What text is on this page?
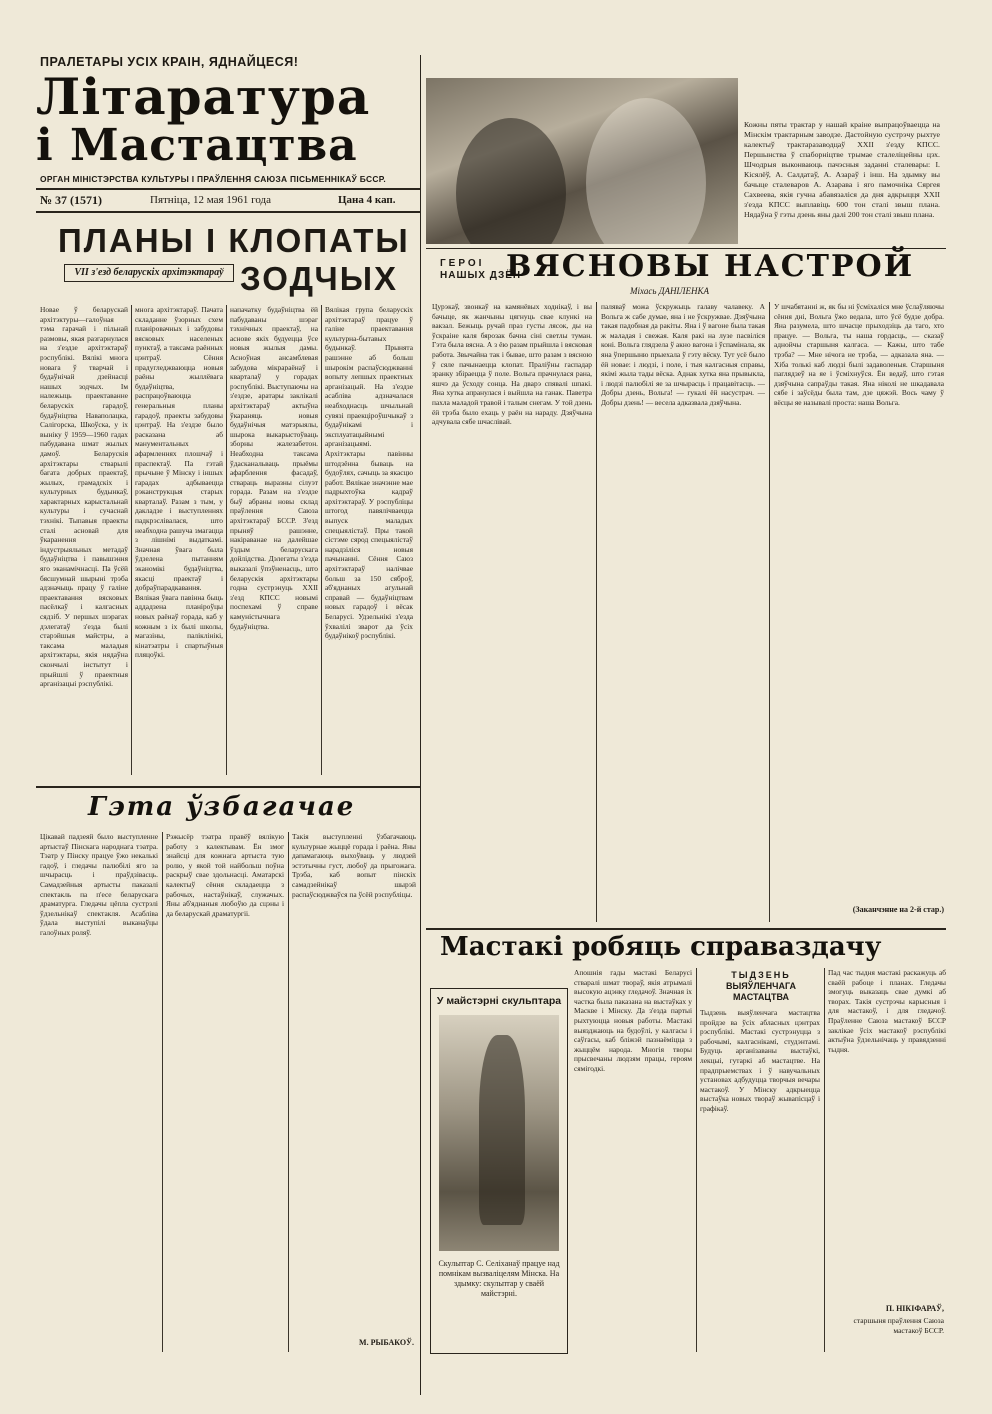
ПРАЛЕТАРЫ УСІХ КРАІН, ЯДНАЙЦЕСЯ!
Літаратура
і Мастацтва
ОРГАН МІНІСТЭРСТВА КУЛЬТУРЫ І ПРАЎЛЕННЯ САЮЗА ПІСЬМЕННІКАЎ БССР.
№ 37 (1571)	Пятніца, 12 мая 1961 года	Цана 4 кап.
ПЛАНЫ І КЛОПАТЫ
VII з'езд беларускіх архітэктараў ЗОДЧЫХ
Новае ў беларускай архітэктуры—галоўная тэма гарачай і пільнай размовы, якая разгарнулася на з'ездзе архітэктараў рэспублікі. Вялікі многа новага ў тварчай і будаўнічай дзейнасці нашых зодчых. Ім належыць праектаванне беларускіх гарадоў, будаўніцтва Наваполацка, Салігорска, Шкоўска, у іх выніку ў 1959—1960 гадах пабудавана шмат жылых дамоў. Беларускія архітэктары стварылі багата добрых праектаў, жылых, грамадскіх і культурных будынкаў, характарных карыстальнай культуры і сучаснай тэхнікі. Тыпавыя праекты сталі асновай для ўкаранення індустрыяльных метадаў будаўніцтва і павышэння яго эканамічнасці. Па ўсёй бясшумнай шырыні трэба адзначыць працу ў галіне праектавання вясковых пасёлкаў і калгасных сядзіб. У першых шэрагах дэлегатаў з'езда былі старэйшыя майстры, а таксама маладыя архітэктары, якія нядаўна скончылі інстытут і прыйшлі ў праектныя арганізацыі рэспублікі.
многа архітэктараў. Пачата складанне ўзорных схем планіровачных і забудовы вясковых населеных пунктаў, а таксама раённых цэнтраў. Сёння прадугледжваюцца новыя раёны жыллёвага будаўніцтва, распрацоўваюцца генеральныя планы гарадоў, праекты забудовы цэнтраў. На з'ездзе было расказана аб манументальных афармленнях плошчаў і праспектаў. Па гэтай прычыне ў Мінску і іншых гарадах адбываецца рэканструкцыя старых кварталаў. Разам з тым, у дакладзе і выступленнях падкрэслівалася, што неабходна рашуча змагацца з лішнімі выдаткамі. Значная ўвага была ўдзелена пытанням эканомікі будаўніцтва, якасці праектаў і добраўпарадкавання. Вялікая ўвага павінна быць аддадзена планіроўцы новых раёнаў горада, каб у кожным з іх былі школы, магазіны, паліклінікі, кінатэатры і спартыўныя пляцоўкі.
напачатку будаўніцтва ёй пабудаваны шэраг тэхнічных праектаў, на аснове якіх будуецца ўсе новыя жылыя дамы. Асноўная ансамблевая забудова мікрараёнаў і кварталаў у горадах рэспублікі. Выступаючы на з'ездзе, аратары заклікалі архітэктараў актыўна ўкараняць новыя будаўнічыя матэрыялы, шырока выкарыстоўваць зборны жалезабетон. Неабходна таксама ўдасканальваць прыёмы афарблення фасадаў, ствараць выразны сілуэт горада. Разам на з'ездзе быў абраны новы склад праўлення Саюза архітэктараў БССР. З'езд прыняў рашэнне, накіраванае на далейшае ўздым беларускага дойлідства. Дэлегаты з'езда выказалі ўпэўненасць, што беларускія архітэктары годна сустрэнуць ХХІІ з'езд КПСС новымі поспехамі ў справе камуністычнага будаўніцтва.
Вялікая група беларускіх архітэктараў працуе ў галіне праектавання культурна-бытавых будынкаў. Прынята рашэнне аб больш шырокім распаўсюджванні вопыту лепшых праектных арганізацый. На з'ездзе асабліва адзначалася неабходнасць шчыльнай сувязі праекціроўшчыкаў з будаўнікамі і эксплуатацыйнымі арганізацыямі. Архітэктары павінны штодзённа бываць на будоўлях, сачыць за якасцю работ. Вялікае значэнне мае падрыхтоўка кадраў архітэктараў. У рэспубліцы штогод павялічваецца выпуск маладых спецыялістаў. Пры такой сістэме сярод спецыялістаў нарадзіліся новыя пачынанні. Сёння Саюз архітэктараў налічвае больш за 150 сяброў, аб'яднаных агульнай справай — будаўніцтвам новых гарадоў і вёсак Беларусі. Удзельнікі з'езда ўхвалілі зварот да ўсіх будаўнікоў рэспублікі.
Кожны пяты трактар у нашай краіне выпрацоўваецца на Мінскім трактарным заводзе. Дастойную сустрэчу рыхтуе калектыў трактаразаводцаў ХХІІ з'езду КПСС. Першынства ў спаборніцтве трымае сталеліцейны цэх. Шчодрыя выконваюць пачэсныя заданні сталевары: І. Кісялёў, А. Салдатаў, А. Азараў і інш. На здымку вы бачыце сталеваров А. Азарава і яго памочніка Сяргея Сахвеева, якія гучна абавязаліся да дня адкрыцця ХХІІ з'езда КПСС выплавіць 600 тон сталі звыш плана. Нядаўна ў гэты дзень яны далі 200 тон сталі звыш плана.
ГЕРОІ
НАШЫХ ДЗЁН
ВЯСНОВЫ НАСТРОЙ
Міхась ДАНІЛЕНКА
Цурэкаў, звонкаў на камянёвых ходнікаў, і вы бачыце, як жанчыны цягнуць свае клункі на вакзал. Бежыць ручай праз густы лясок, ды на ўскраіне каля бярозак бачна сіні светлы туман. Гэта была вясна. А з ёю разам прыйшла і вясковая работа. Звычайна так і бывае, што разам з вясною ў сяле пачынаецца клопат. Праліўны гаспадар зранку збіраецца ў поле. Вольга прачнулася рана, яшчэ да ўсходу сонца. На дварэ спявалі шпакі. Яна хутка апранулася і выйшла на ганак. Паветра пахла маладой травой і талым снегам. У той дзень ёй трэба было ехаць у раён на нараду. Дзяўчына адчувала сябе шчаслівай.
паляваў можа ўскружыць галаву чалавеку. А Вольга ж сабе думае, яна і не ўскружвае. Дзяўчына такая падобная да ракіты. Яна і ў вагоне была такая ж маладая і свежая. Каля ракі на лузе пасвіліся коні. Вольга глядзела ў акно вагона і ўспамінала, як яна ўпершыню прыехала ў гэту вёску. Тут усё было ёй новае: і людзі, і поле, і тыя калгасныя справы, якімі жыла тады вёска. Аднак хутка яна прывыкла, і людзі палюбілі яе за шчырасць і працавітасць. — Добры дзень, Вольга! — гукалі ёй насустрач. — Добры дзень! — весела адказвала дзяўчына.
У шчабятанні ж, як бы ні ўсміхаліся мне ўслаўляючы сёння дні, Вольга ўжо ведала, што ўсё будзе добра. Яна разумела, што шчасце прыходзіць да таго, хто працуе. — Вольга, ты наша гордасць, — сказаў аднойчы старшыня калгаса. — Кажы, што табе трэба? — Мне нічога не трэба, — адказала яна. — Хіба толькі каб людзі былі задаволеныя. Старшыня паглядзеў на яе і ўсміхнуўся. Ён ведаў, што гэтая дзяўчына сапраўды такая. Яна ніколі не шкадавала сябе і заўсёды была там, дзе цяжэй. Вось чаму ў вёсцы яе называлі проста: наша Вольга.
(Заканчэнне на 2-й стар.)
Гэта ўзбагачае
Цікавай падзеяй было выступленне артыстаў Пінскага народнага тэатра. Тэатр у Пінску працуе ўжо некалькі гадоў, і гледачы палюбілі яго за шчырасць і праўдзівасць. Самадзейныя артысты паказалі спектакль па п'есе беларускага драматурга. Гледачы цёпла сустрэлі ўдзельнікаў спектакля. Асабліва ўдала выступілі выканаўцы галоўных роляў.
Рэжысёр тэатра правёў вялікую работу з калектывам. Ён змог знайсці для кожнага артыста тую ролю, у якой той найбольш поўна раскрыў свае здольнасці. Аматарскі калектыў сёння складаецца з рабочых, настаўнікаў, служачых. Яны аб'яднаныя любоўю да сцэны і да беларускай драматургіі.
Такія выступленні ўзбагачаюць культурнае жыццё горада і раёна. Яны дапамагаюць выхоўваць у людзей эстэтычны густ, любоў да прыгожага. Трэба, каб вопыт пінскіх самадзейнікаў шырэй распаўсюджваўся па ўсёй рэспубліцы.
М. РЫБАКОЎ.
Мастакі робяць справаздачу
У майстэрні скульптара
Скульптар С. Селіханаў працуе над помнікам вызваліцелям Мінска. На здымку: скульптар у сваёй майстэрні.
Апошнія гады мастакі Беларусі стваралі шмат твораў, якія атрымалі высокую ацэнку гледачоў. Значная іх частка была паказана на выстаўках у Маскве і Мінску. Да з'езда партыі рыхтуюцца новыя работы. Мастакі выязджаюць на будоўлі, у калгасы і саўгасы, каб бліжэй пазнаёміцца з жыццём народа. Многія творы прысвечаны людзям працы, героям сямігодкі.
ТЫДЗЕНЬ
ВЫЯЎЛЕНЧАГА
МАСТАЦТВА
Тыдзень выяўленчага мастацтва пройдзе ва ўсіх абласных цэнтрах рэспублікі. Мастакі сустрэнуцца з рабочымі, калгаснікамі, студэнтамі. Будуць арганізаваны выстаўкі, лекцыі, гутаркі аб мастацтве. На прадпрыемствах і ў навучальных установах адбудуцца творчыя вечары мастакоў. У Мінску адкрыецца выстаўка новых твораў жывапісцаў і графікаў.
Пад час тыдня мастакі раскажуць аб сваёй рабоце і планах. Гледачы змогуць выказаць свае думкі аб творах. Такія сустрэчы карысныя і для мастакоў, і для гледачоў. Праўленне Саюза мастакоў БССР заклікае ўсіх мастакоў рэспублікі актыўна ўдзельнічаць у правядзенні тыдня.
П. НІКІФАРАЎ,
старшыня праўлення Саюза мастакоў БССР.
